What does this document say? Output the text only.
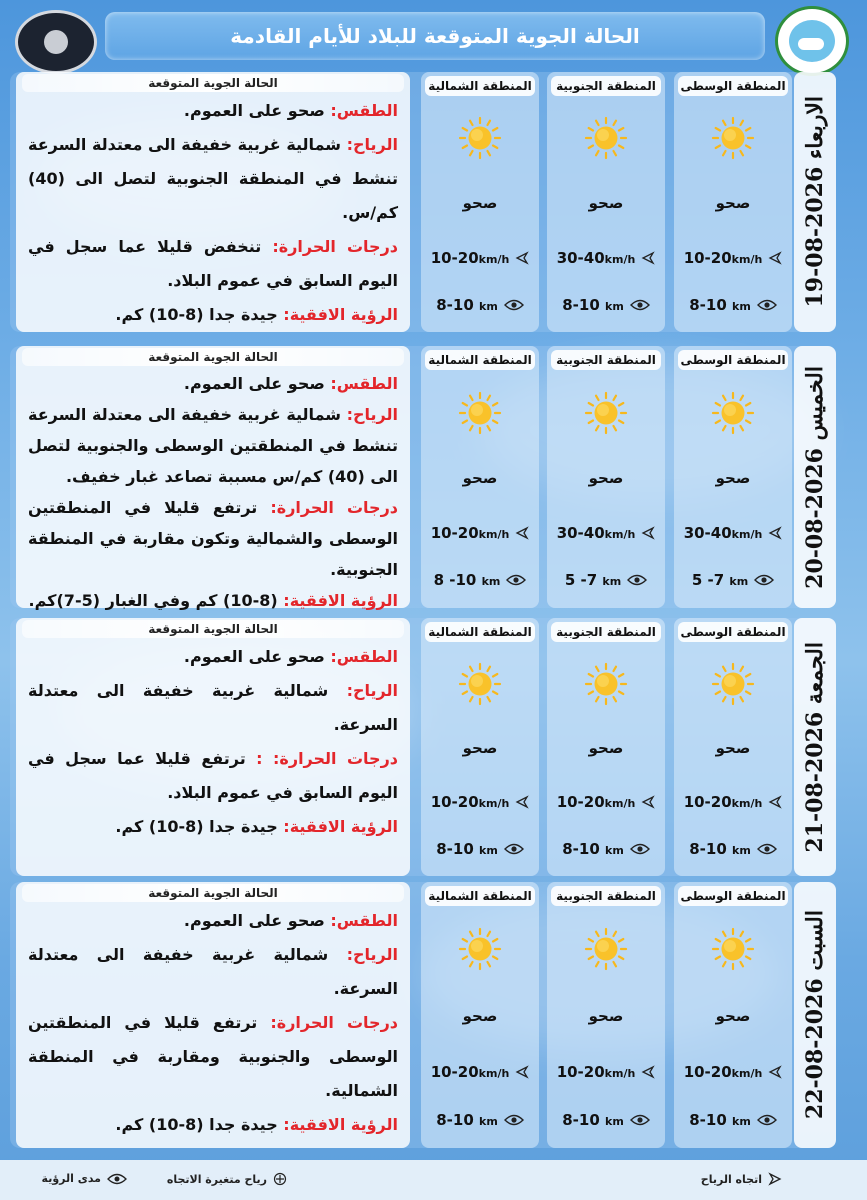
الحالة الجوية المتوقعة للبلاد للأيام القادمة
الاربعاء 2026-08-19
المنطقة الوسطى
صحو
10-20km/h
8-10 km
المنطقة الجنوبية
صحو
30-40km/h
8-10 km
المنطقة الشمالية
صحو
10-20km/h
8-10 km
الحالة الجوية المتوقعة

الطقس: صحو على العموم.

الرياح: شمالية غربية خفيفة الى معتدلة السرعة تنشط في المنطقة الجنوبية لتصل الى (40) كم/س.

درجات الحرارة: تنخفض قليلا عما سجل في اليوم السابق في عموم البلاد.

الرؤية الافقية: جيدة جدا (8-10) كم.

الخميس 2026-08-20
المنطقة الوسطى
صحو
30-40km/h
5 -7 km
المنطقة الجنوبية
صحو
30-40km/h
5 -7 km
المنطقة الشمالية
صحو
10-20km/h
8 -10 km
الحالة الجوية المتوقعة

الطقس: صحو على العموم.

الرياح: شمالية غربية خفيفة الى معتدلة السرعة تنشط في المنطقتين الوسطى والجنوبية لتصل الى (40) كم/س مسببة تصاعد غبار خفيف.

درجات الحرارة: ترتفع قليلا في المنطقتين الوسطى والشمالية وتكون مقاربة في المنطقة الجنوبية.

الرؤية الافقية: (8-10) كم وفي الغبار (5-7)كم.

الجمعة 2026-08-21
المنطقة الوسطى
صحو
10-20km/h
8-10 km
المنطقة الجنوبية
صحو
10-20km/h
8-10 km
المنطقة الشمالية
صحو
10-20km/h
8-10 km
الحالة الجوية المتوقعة

الطقس: صحو على العموم.

الرياح: شمالية غربية خفيفة الى معتدلة السرعة.

درجات الحرارة: : ترتفع قليلا عما سجل في اليوم السابق في عموم البلاد.

الرؤية الافقية: جيدة جدا (8-10) كم.

السبت 2026-08-22
المنطقة الوسطى
صحو
10-20km/h
8-10 km
المنطقة الجنوبية
صحو
10-20km/h
8-10 km
المنطقة الشمالية
صحو
10-20km/h
8-10 km
الحالة الجوية المتوقعة

الطقس: صحو على العموم.

الرياح: شمالية غربية خفيفة الى معتدلة السرعة.

درجات الحرارة: ترتفع قليلا في المنطقتين الوسطى والجنوبية ومقاربة في المنطقة الشمالية.

الرؤية الافقية: جيدة جدا (8-10) كم.

اتجاه الرياح
رياح متغيرة الاتجاه
مدى الرؤية
